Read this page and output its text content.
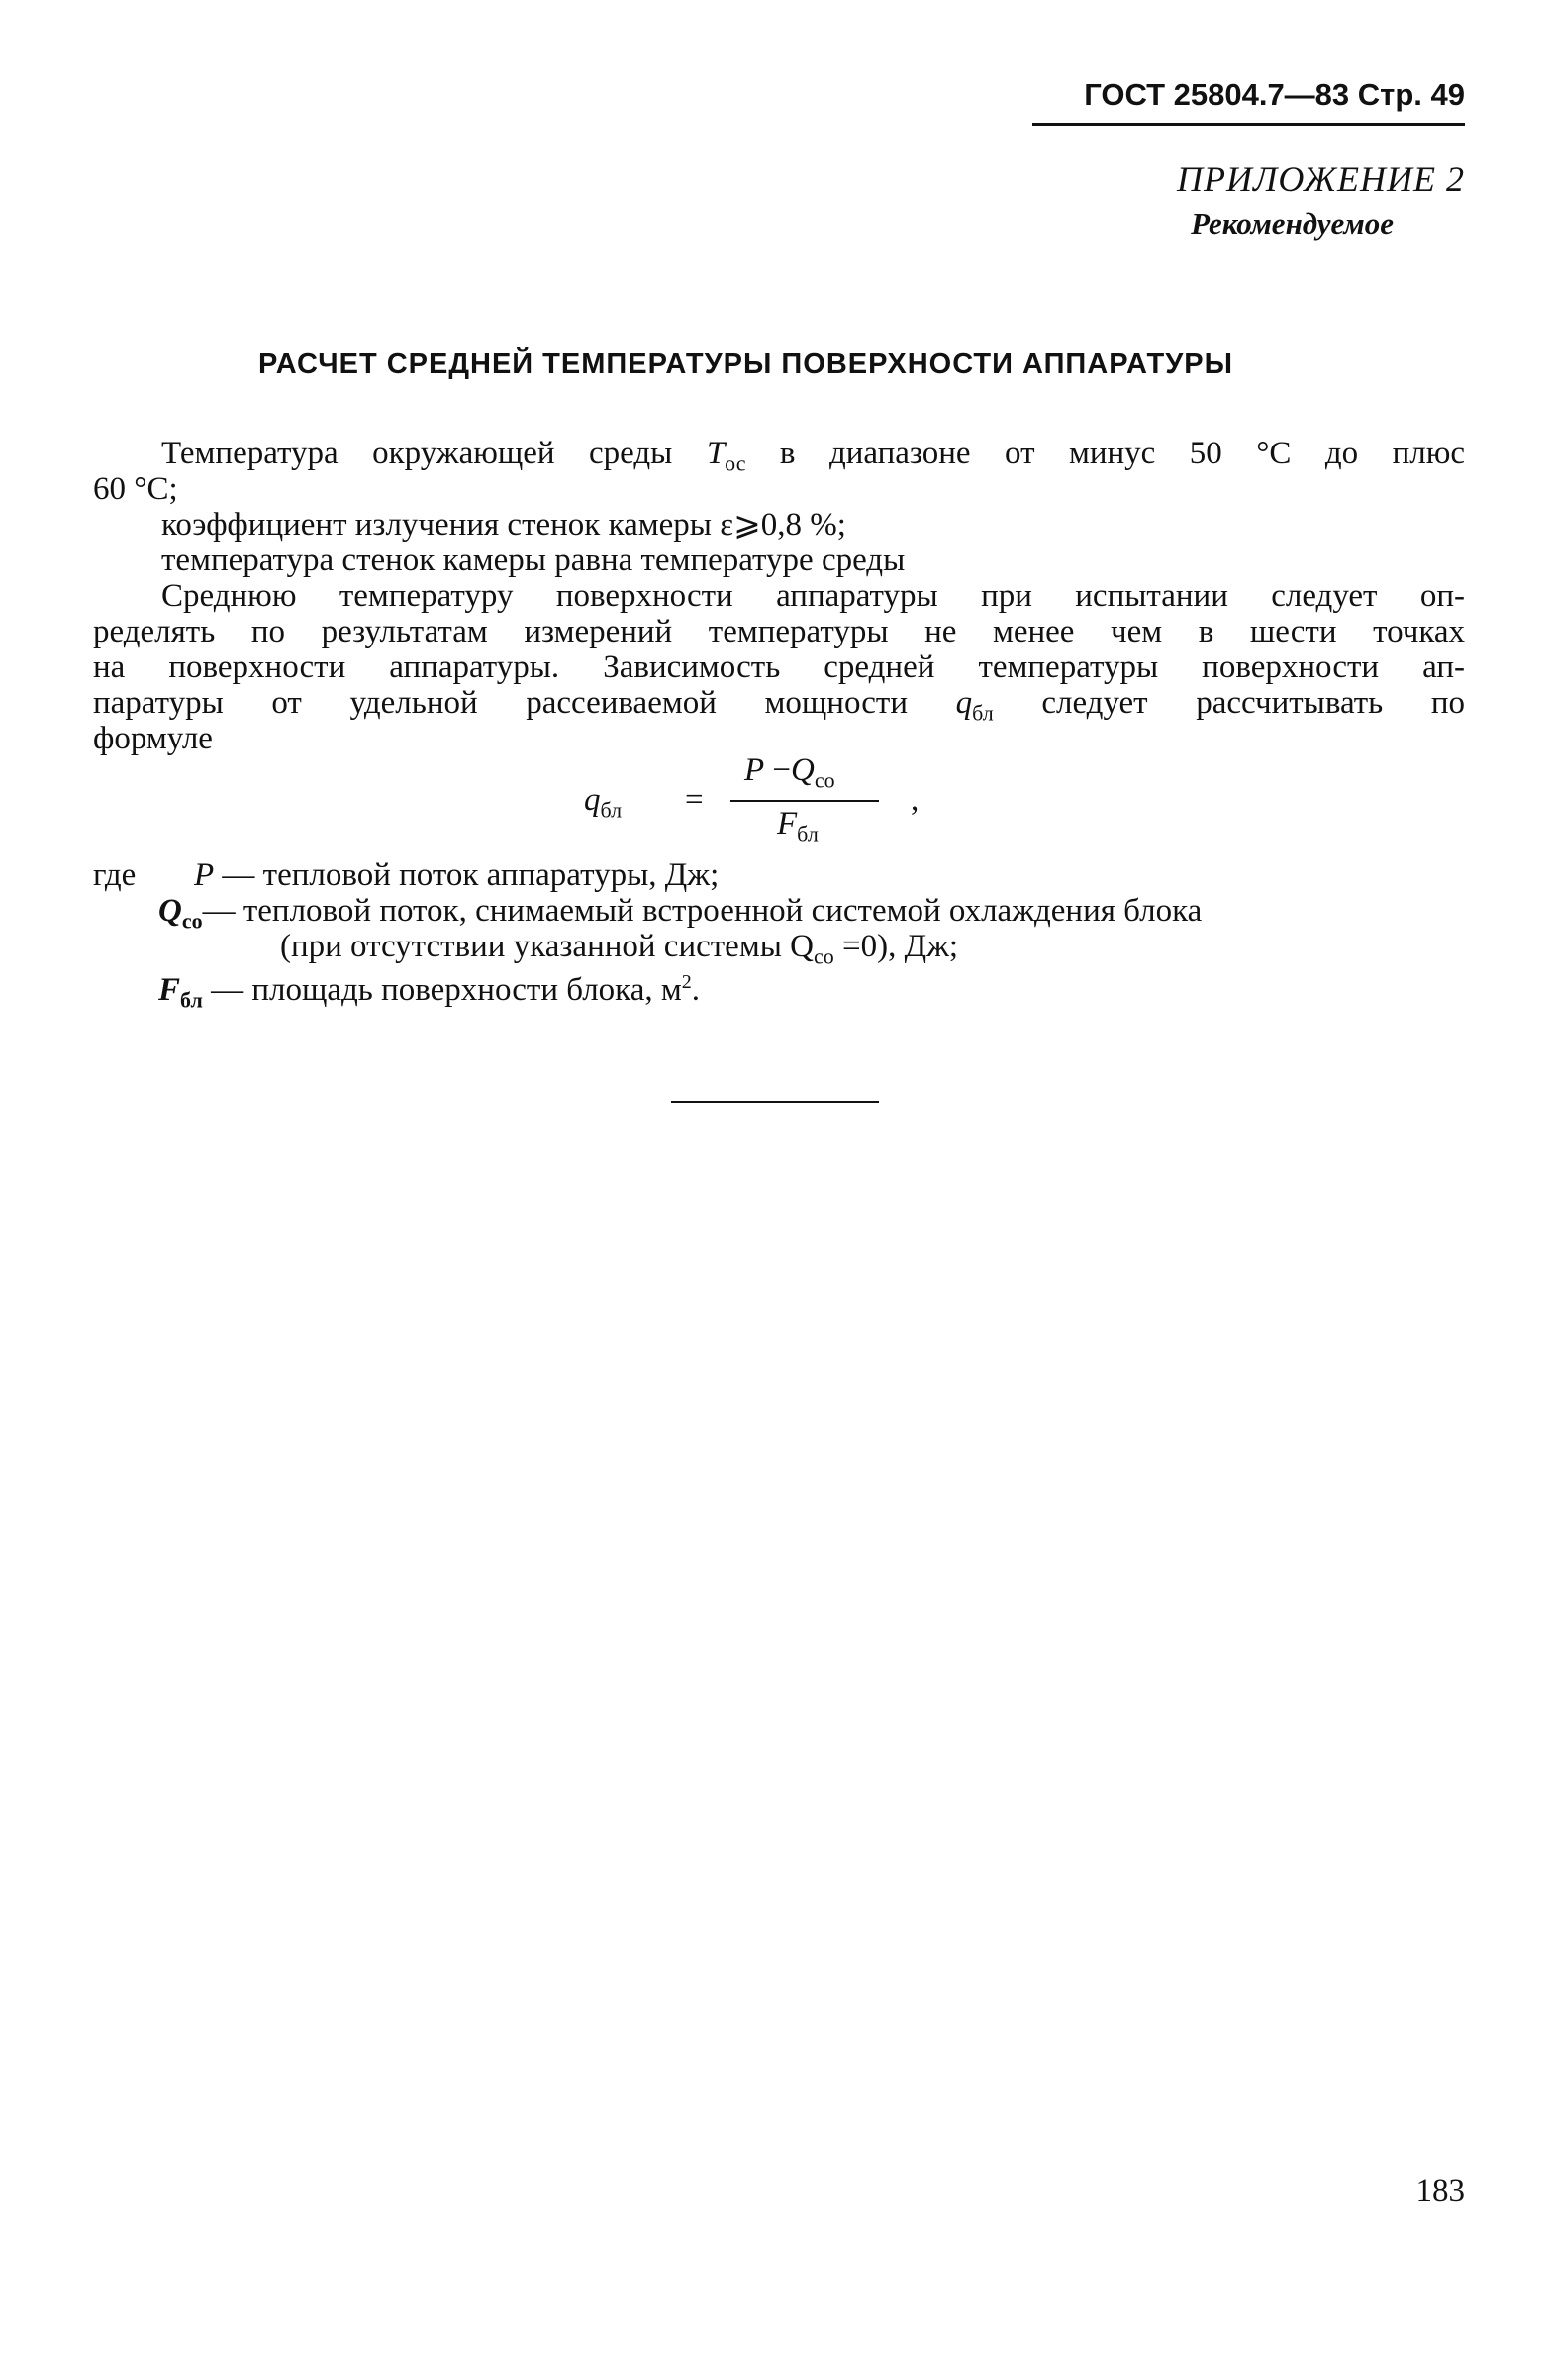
ГОСТ 25804.7—83 Стр. 49
ПРИЛОЖЕНИЕ 2
Рекомендуемое
РАСЧЕТ СРЕДНЕЙ ТЕМПЕРАТУРЫ ПОВЕРХНОСТИ АППАРАТУРЫ
Температура окружающей среды $T_{ос}$ в диапазоне от минус 50 °С до плюс
60 °С;
коэффициент излучения стенок камеры ε⩾0,8 %;
температура стенок камеры равна температуре среды
Среднюю температуру поверхности аппаратуры при испытании следует оп-
ределять по результатам измерений температуры не менее чем в шести точках
на поверхности аппаратуры. Зависимость средней температуры поверхности ап-
паратуры от удельной рассеиваемой мощности $q_{бл}$ следует рассчитывать по
формуле
$q_{бл}$ =
$P -Q_{со}$
$F_{бл}$
,
где P — тепловой поток аппаратуры, Дж;
$Q_{со}—$ тепловой поток, снимаемый встроенной системой охлаждения блока
(при отсутствии указанной системы $Q_{со} =0$), Дж;
$F_{бл}$ — площадь поверхности блока, $м^2$.
183
